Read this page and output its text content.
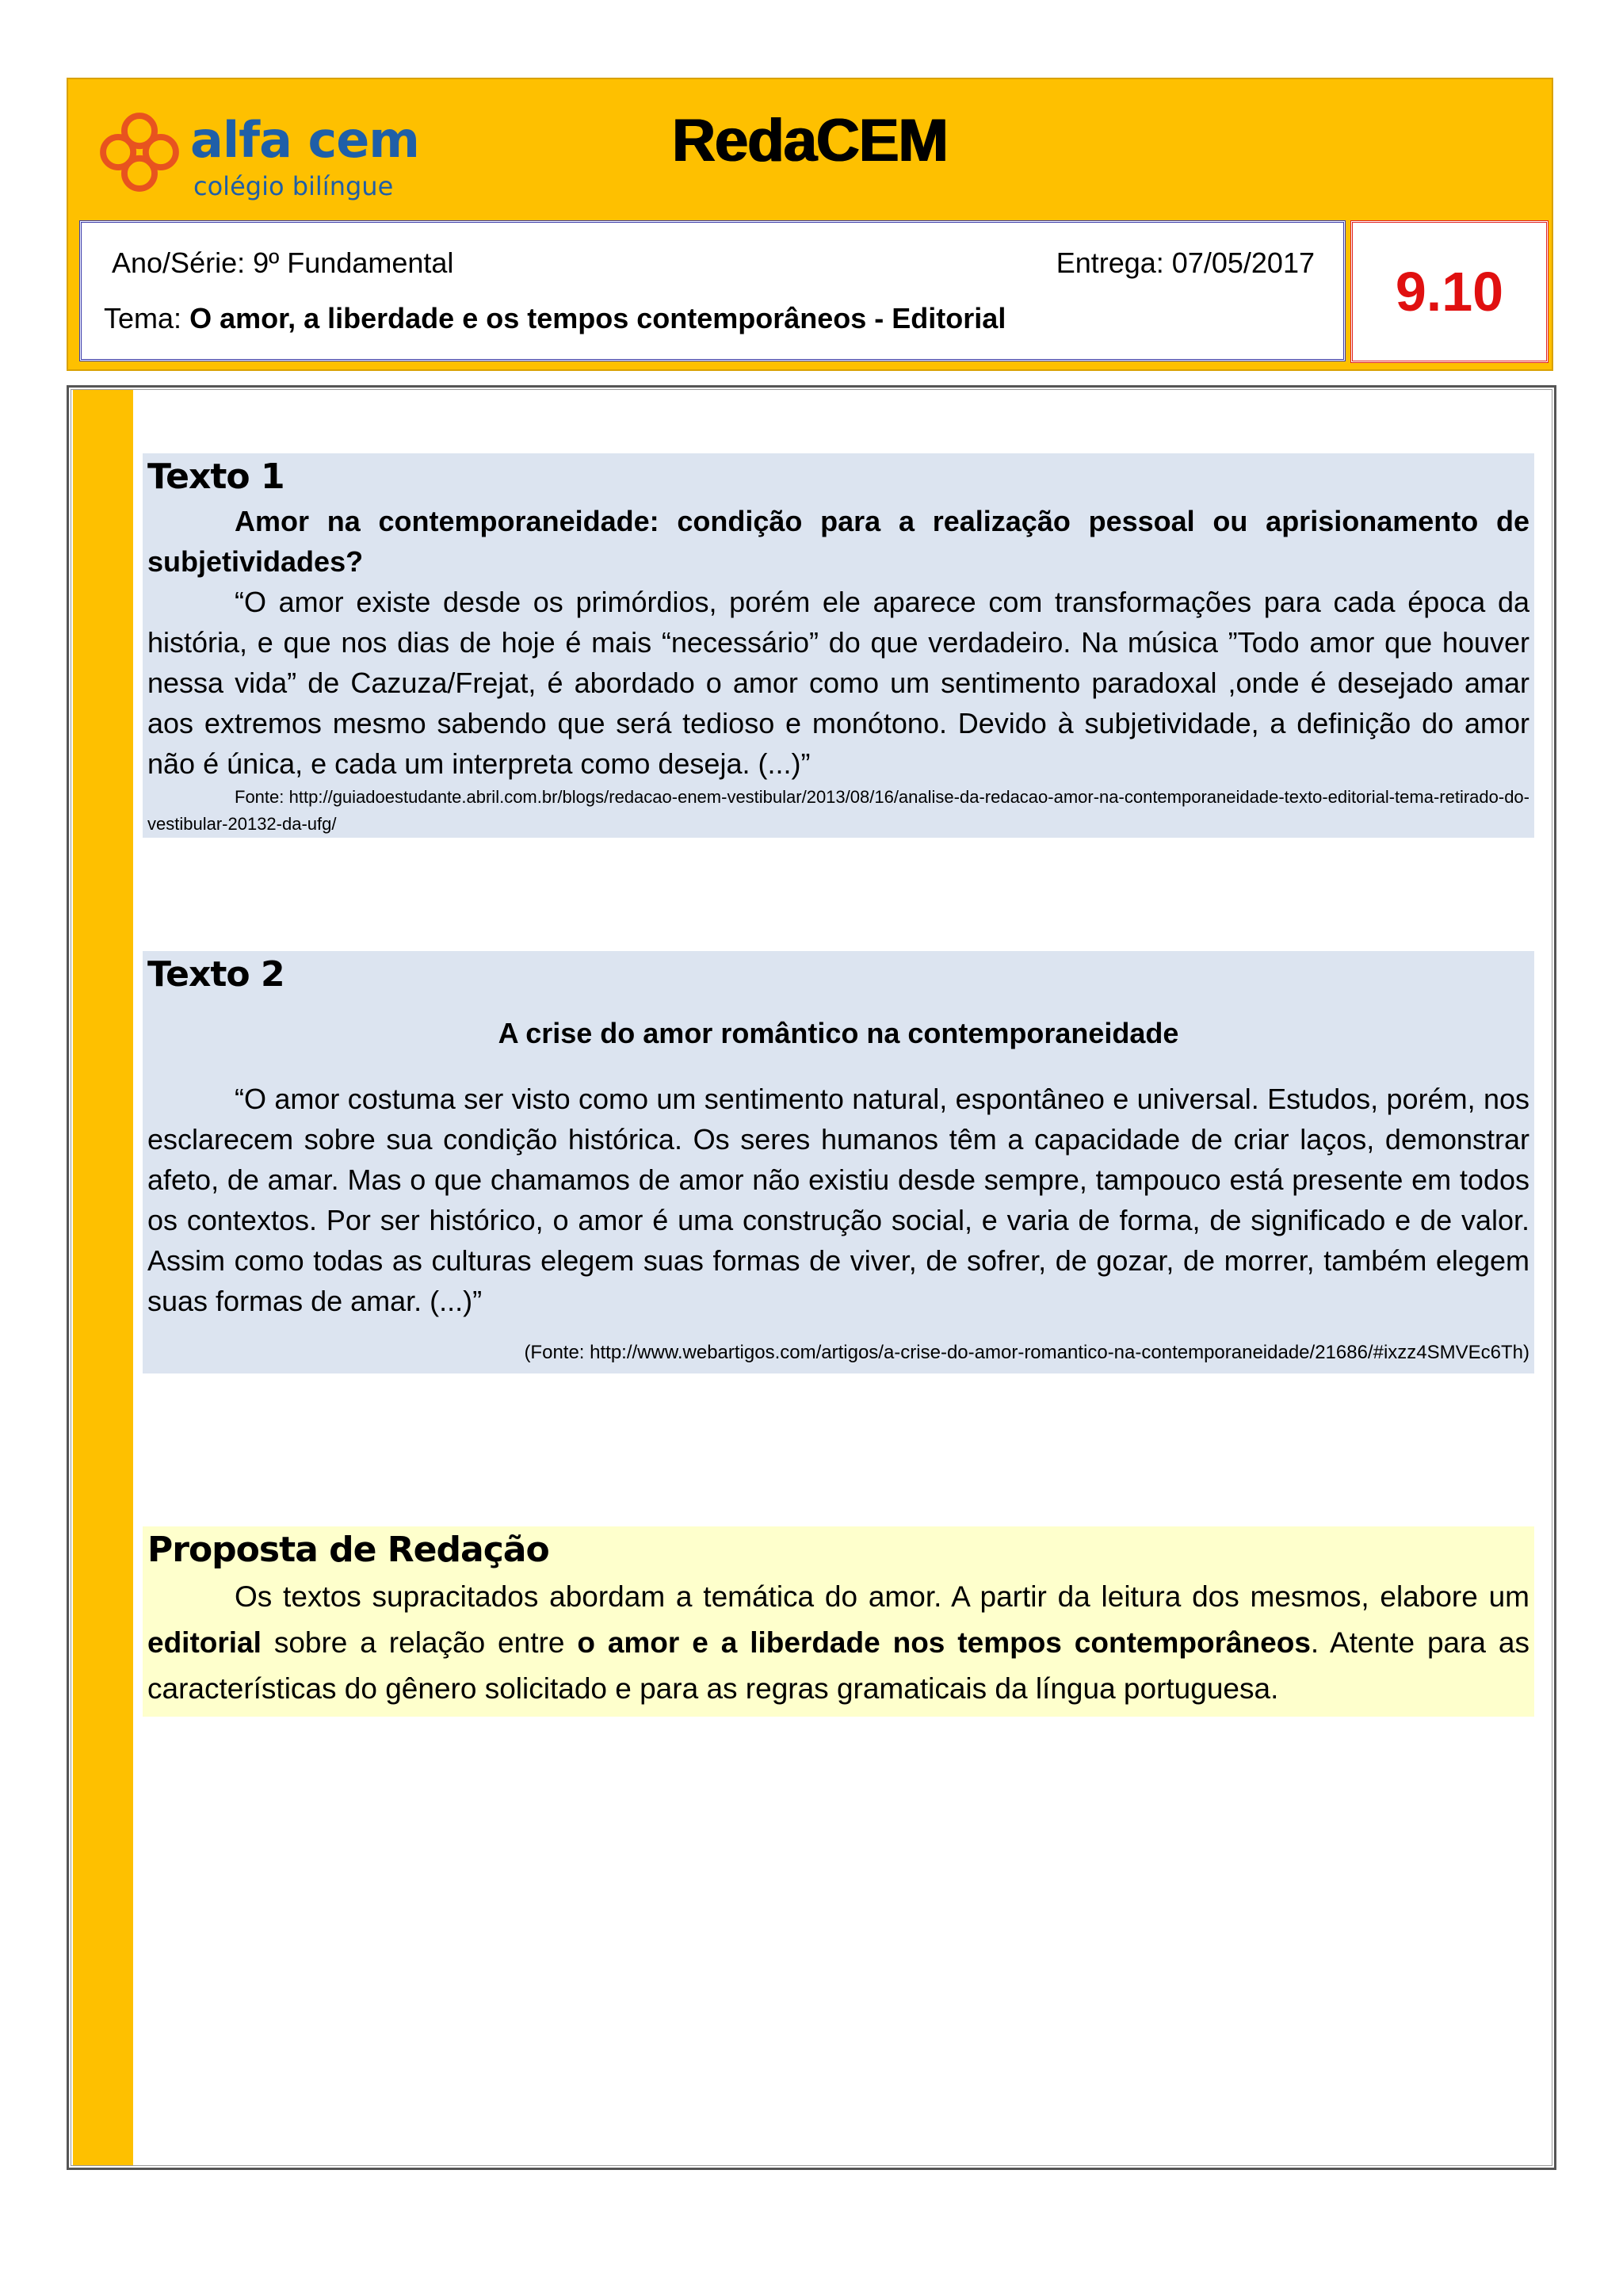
alfa cem
colégio bilíngue
RedaCEM
Ano/Série: 9º Fundamental	Entrega: 07/05/2017
Tema: O amor, a liberdade e os tempos contemporâneos - Editorial	9.10
Texto 1

Amor na contemporaneidade: condição para a realização pessoal ou aprisionamento de subjetividades?

“O amor existe desde os primórdios, porém ele aparece com transformações para cada época da história, e que nos dias de hoje é mais “necessário” do que verdadeiro. Na música ”Todo amor que houver nessa vida” de Cazuza/Frejat, é abordado o amor como um sentimento paradoxal ,onde é desejado amar aos extremos mesmo sabendo que será tedioso e monótono. Devido à subjetividade, a definição do amor não é única, e cada um interpreta como deseja. (...)”

Fonte: http://guiadoestudante.abril.com.br/blogs/redacao-enem-vestibular/2013/08/16/analise-da-redacao-amor-na-contemporaneidade-texto-editorial-tema-retirado-do-vestibular-20132-da-ufg/

Texto 2

A crise do amor romântico na contemporaneidade

“O amor costuma ser visto como um sentimento natural, espontâneo e universal. Estudos, porém, nos esclarecem sobre sua condição histórica. Os seres humanos têm a capacidade de criar laços, demonstrar afeto, de amar. Mas o que chamamos de amor não existiu desde sempre, tampouco está presente em todos os contextos. Por ser histórico, o amor é uma construção social, e varia de forma, de significado e de valor. Assim como todas as culturas elegem suas formas de viver, de sofrer, de gozar, de morrer, também elegem suas formas de amar. (...)”

(Fonte: http://www.webartigos.com/artigos/a-crise-do-amor-romantico-na-contemporaneidade/21686/#ixzz4SMVEc6Th)

Proposta de Redação

Os textos supracitados abordam a temática do amor. A partir da leitura dos mesmos, elabore um editorial sobre a relação entre o amor e a liberdade nos tempos contemporâneos. Atente para as características do gênero solicitado e para as regras gramaticais da língua portuguesa.
